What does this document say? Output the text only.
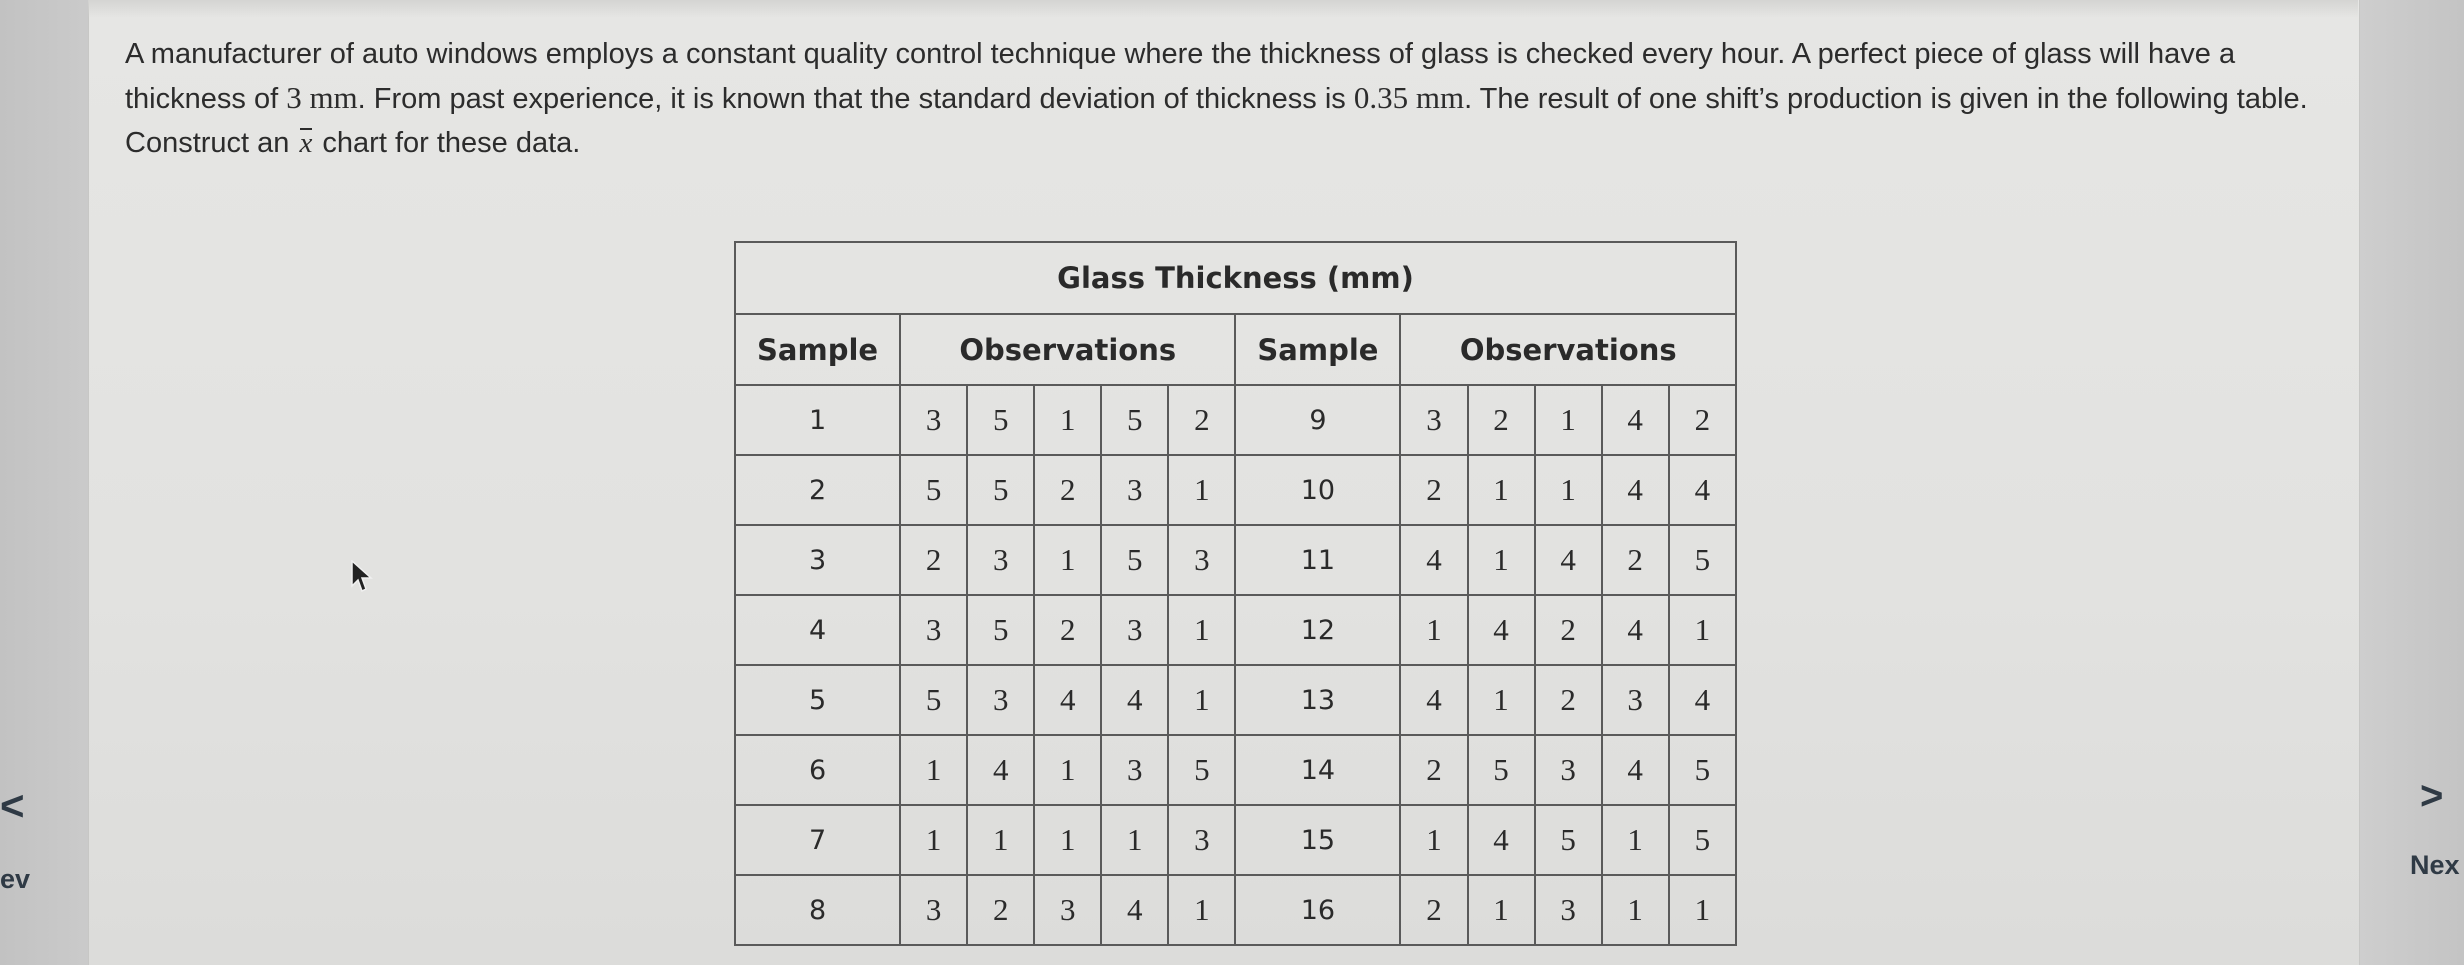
A manufacturer of auto windows employs a constant quality control technique where the thickness of glass is checked every hour. A perfect piece of glass will have a thickness of 3 mm. From past experience, it is known that the standard deviation of thickness is 0.35 mm. The result of one shift’s production is given in the following table. Construct an x chart for these data.
Glass Thickness (mm)											
Sample	Observations					Sample	Observations				
1	3	5	1	5	2	9	3	2	1	4	2
2	5	5	2	3	1	10	2	1	1	4	4
3	2	3	1	5	3	11	4	1	4	2	5
4	3	5	2	3	1	12	1	4	2	4	1
5	5	3	4	4	1	13	4	1	2	3	4
6	1	4	1	3	5	14	2	5	3	4	5
7	1	1	1	1	3	15	1	4	5	1	5
8	3	2	3	4	1	16	2	1	3	1	1
<
ev
>
Nex
